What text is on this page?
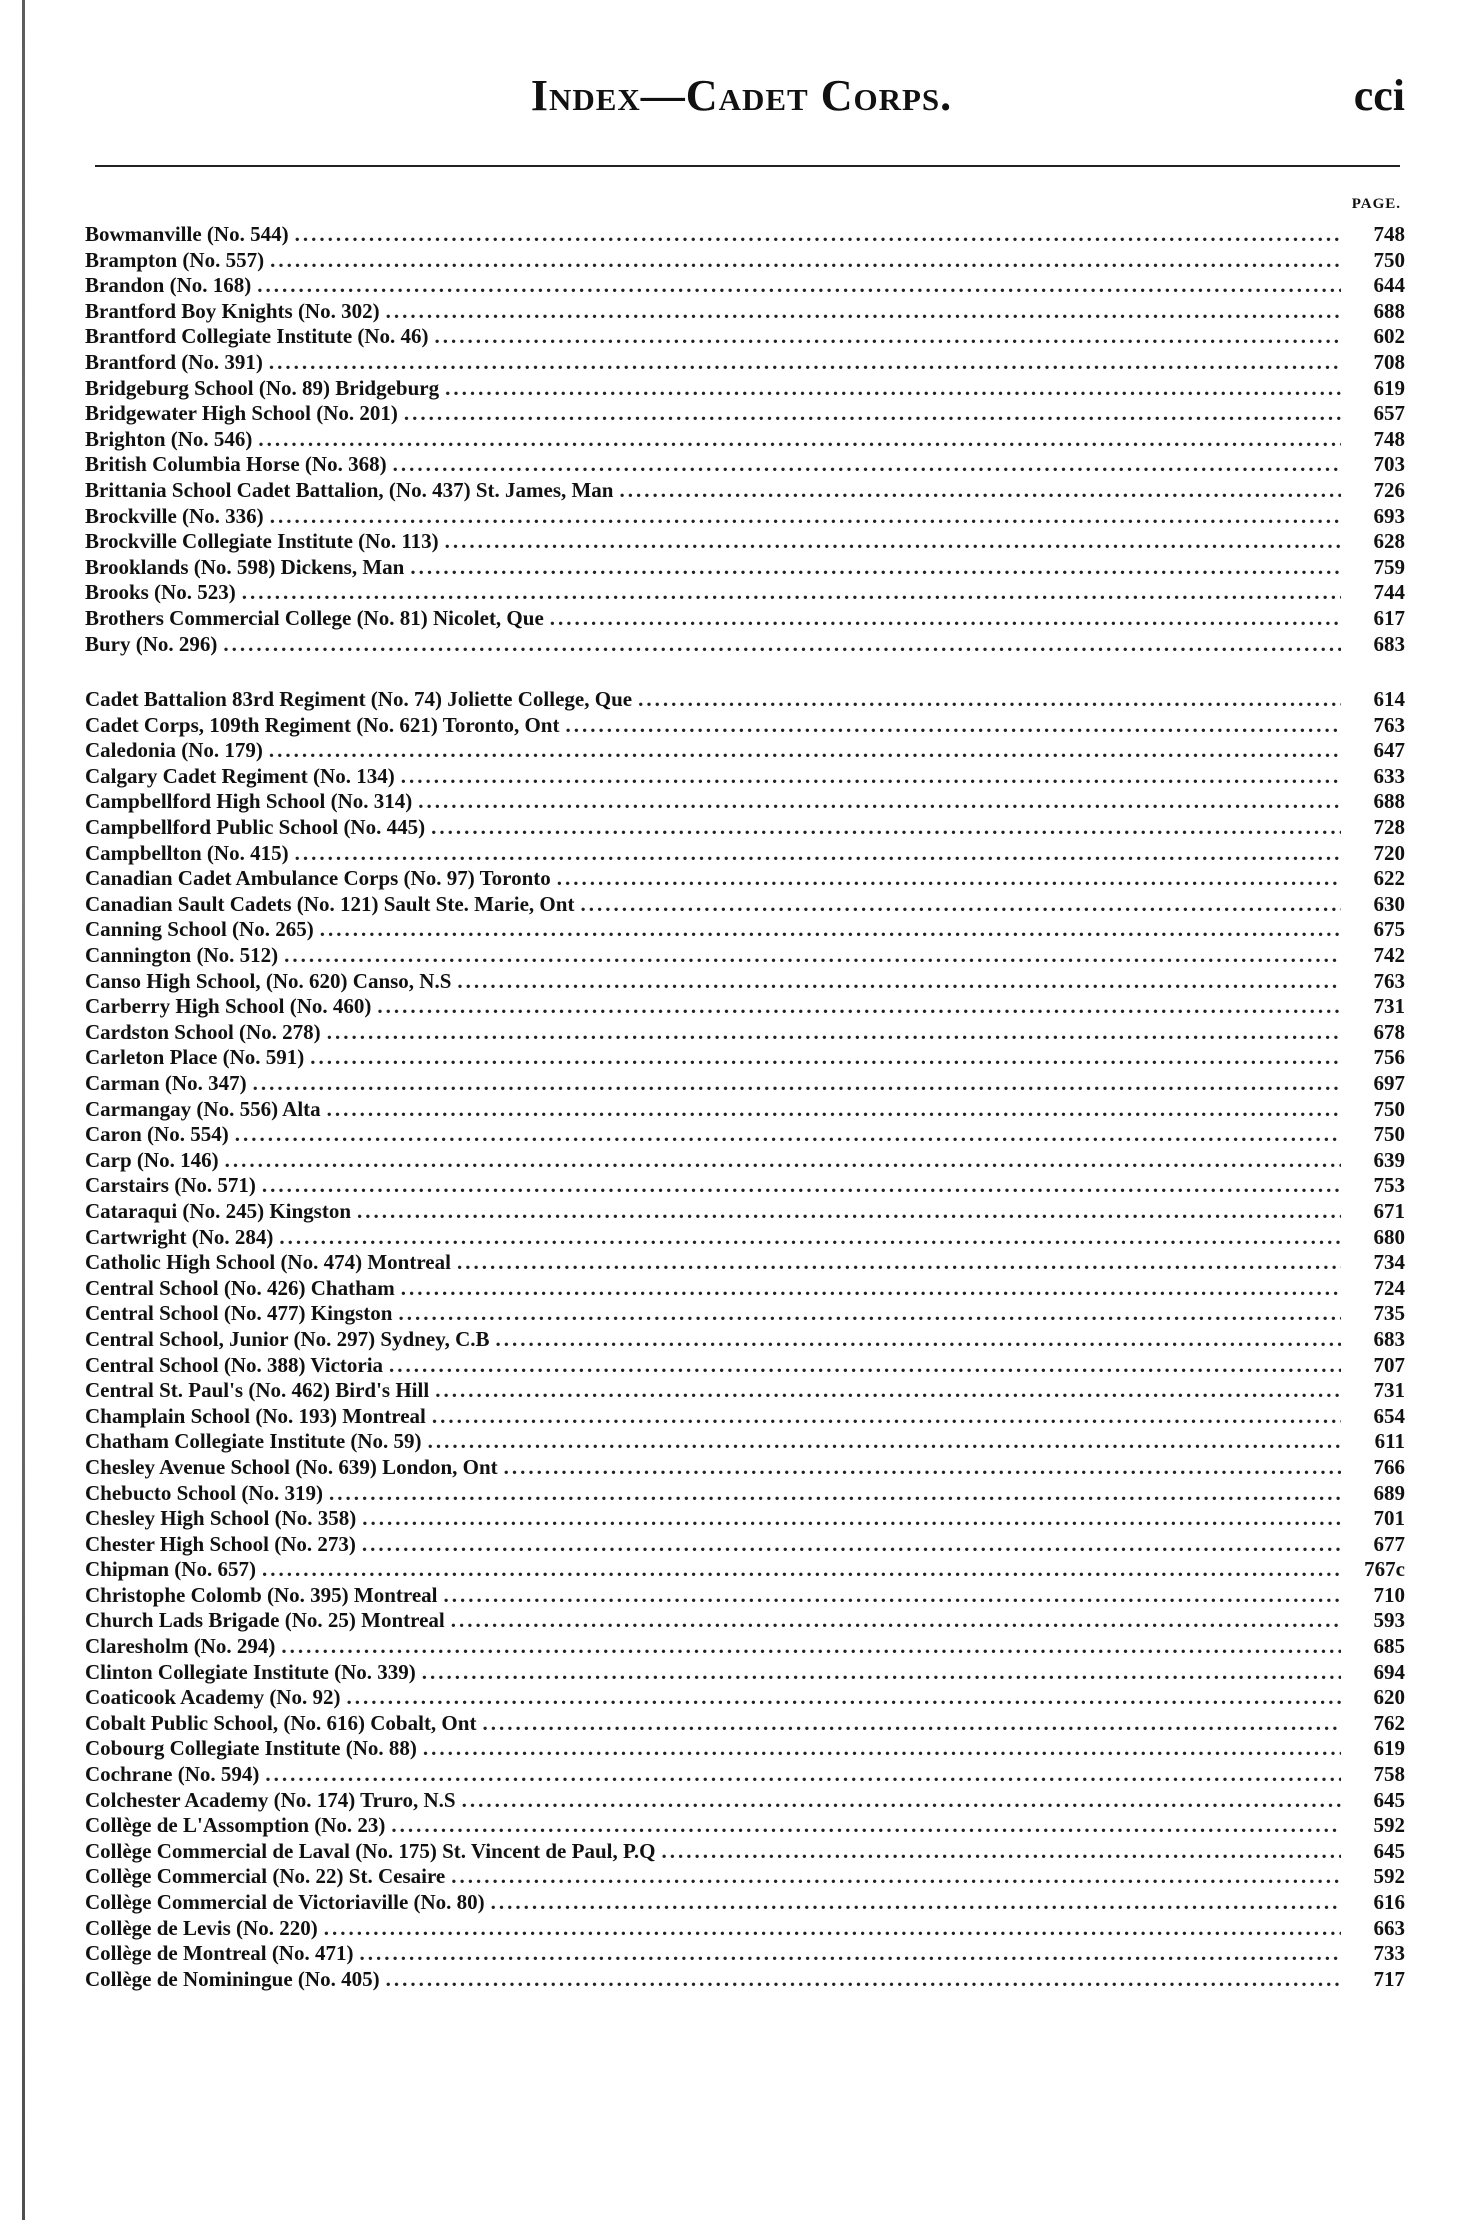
Index—Cadet Corps.	cci
PAGE.
Bowmanville (No. 544) .....	748
Brampton (No. 557) .....	750
Brandon (No. 168) .....	644
Brantford Boy Knights (No. 302) .....	688
Brantford Collegiate Institute (No. 46) .....	602
Brantford (No. 391) .....	708
Bridgeburg School (No. 89) Bridgeburg .....	619
Bridgewater High School (No. 201) .....	657
Brighton (No. 546) .....	748
British Columbia Horse (No. 368) .....	703
Brittania School Cadet Battalion, (No. 437) St. James, Man .....	726
Brockville (No. 336) .....	693
Brockville Collegiate Institute (No. 113) .....	628
Brooklands (No. 598) Dickens, Man .....	759
Brooks (No. 523) .....	744
Brothers Commercial College (No. 81) Nicolet, Que .....	617
Bury (No. 296) .....	683
Cadet Battalion 83rd Regiment (No. 74) Joliette College, Que .....	614
Cadet Corps, 109th Regiment (No. 621) Toronto, Ont .....	763
Caledonia (No. 179) .....	647
Calgary Cadet Regiment (No. 134) .....	633
Campbellford High School (No. 314) .....	688
Campbellford Public School (No. 445) .....	728
Campbellton (No. 415) .....	720
Canadian Cadet Ambulance Corps (No. 97) Toronto .....	622
Canadian Sault Cadets (No. 121) Sault Ste. Marie, Ont .....	630
Canning School (No. 265) .....	675
Cannington (No. 512) .....	742
Canso High School, (No. 620) Canso, N.S .....	763
Carberry High School (No. 460) .....	731
Cardston School (No. 278) .....	678
Carleton Place (No. 591) .....	756
Carman (No. 347) .....	697
Carmangay (No. 556) Alta .....	750
Caron (No. 554) .....	750
Carp (No. 146) .....	639
Carstairs (No. 571) .....	753
Cataraqui (No. 245) Kingston .....	671
Cartwright (No. 284) .....	680
Catholic High School (No. 474) Montreal .....	734
Central School (No. 426) Chatham .....	724
Central School (No. 477) Kingston .....	735
Central School, Junior (No. 297) Sydney, C.B .....	683
Central School (No. 388) Victoria .....	707
Central St. Paul's (No. 462) Bird's Hill .....	731
Champlain School (No. 193) Montreal .....	654
Chatham Collegiate Institute (No. 59) .....	611
Chesley Avenue School (No. 639) London, Ont .....	766
Chebucto School (No. 319) .....	689
Chesley High School (No. 358) .....	701
Chester High School (No. 273) .....	677
Chipman (No. 657) .....	767c
Christophe Colomb (No. 395) Montreal .....	710
Church Lads Brigade (No. 25) Montreal .....	593
Claresholm (No. 294) .....	685
Clinton Collegiate Institute (No. 339) .....	694
Coaticook Academy (No. 92) .....	620
Cobalt Public School, (No. 616) Cobalt, Ont .....	762
Cobourg Collegiate Institute (No. 88) .....	619
Cochrane (No. 594) .....	758
Colchester Academy (No. 174) Truro, N.S .....	645
Collège de L'Assomption (No. 23) .....	592
Collège Commercial de Laval (No. 175) St. Vincent de Paul, P.Q .....	645
Collège Commercial (No. 22) St. Cesaire .....	592
Collège Commercial de Victoriaville (No. 80) .....	616
Collège de Levis (No. 220) .....	663
Collège de Montreal (No. 471) .....	733
Collège de Nominingue (No. 405) .....	717
